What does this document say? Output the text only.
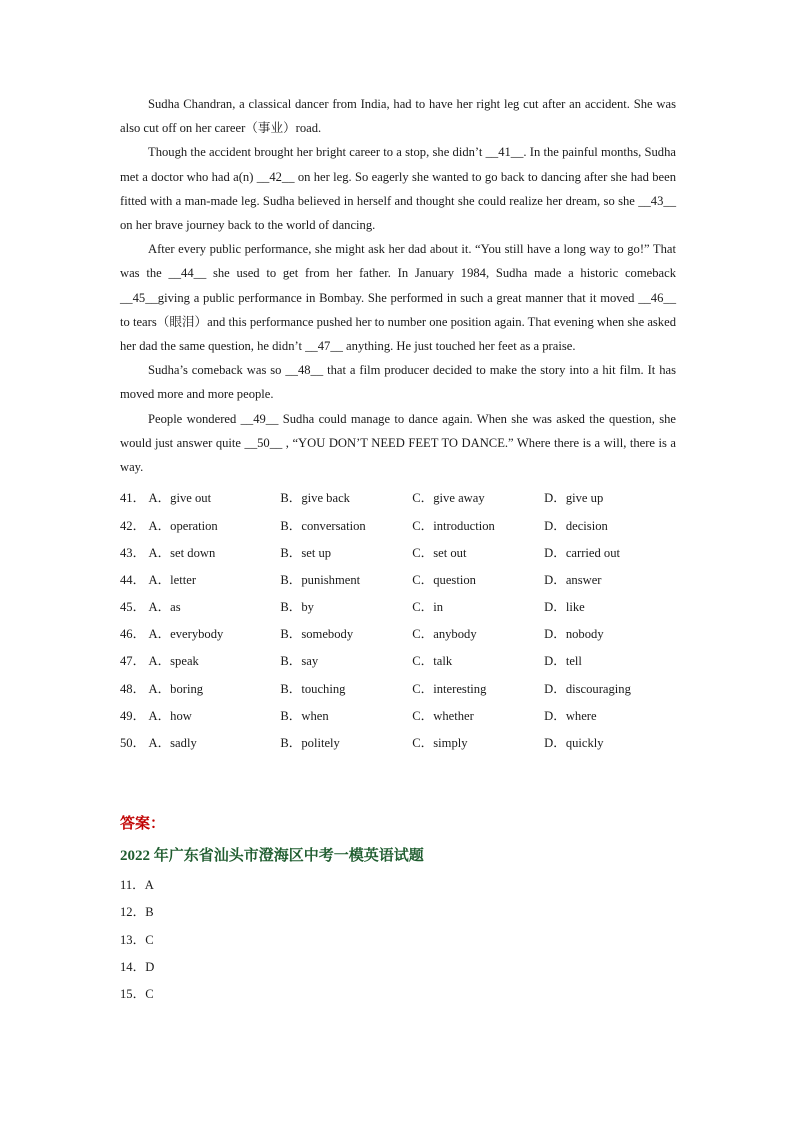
Sudha Chandran, a classical dancer from India, had to have her right leg cut after an accident. She was also cut off on her career（事业）road.

Though the accident brought her bright career to a stop, she didn’t __41__. In the painful months, Sudha met a doctor who had a(n) __42__ on her leg. So eagerly she wanted to go back to dancing after she had been fitted with a man-made leg. Sudha believed in herself and thought she could realize her dream, so she __43__ on her brave journey back to the world of dancing.

After every public performance, she might ask her dad about it. “You still have a long way to go!” That was the __44__ she used to get from her father. In January 1984, Sudha made a historic comeback __45__giving a public performance in Bombay. She performed in such a great manner that it moved __46__ to tears（眼泪）and this performance pushed her to number one position again. That evening when she asked her dad the same question, he didn’t __47__ anything. He just touched her feet as a praise.

Sudha’s comeback was so __48__ that a film producer decided to make the story into a hit film. It has moved more and more people.

People wondered __49__ Sudha could manage to dance again. When she was asked the question, she would just answer quite __50__ , “YOU DON’T NEED FEET TO DANCE.” Where there is a will, there is a way.

41． A．give out	B．give back	C．give away	D．give up
42． A．operation	B．conversation	C．introduction	D．decision
43． A．set down	B．set up	C．set out	D．carried out
44． A．letter	B．punishment	C．question	D．answer
45． A．as	B．by	C．in	D．like
46． A．everybody	B．somebody	C．anybody	D．nobody
47． A．speak	B．say	C．talk	D．tell
48． A．boring	B．touching	C．interesting	D．discouraging
49． A．how	B．when	C．whether	D．where
50． A．sadly	B．politely	C．simply	D．quickly
答案：
2022 年广东省汕头市澄海区中考一模英语试题
11．A
12．B
13．C
14．D
15．C
